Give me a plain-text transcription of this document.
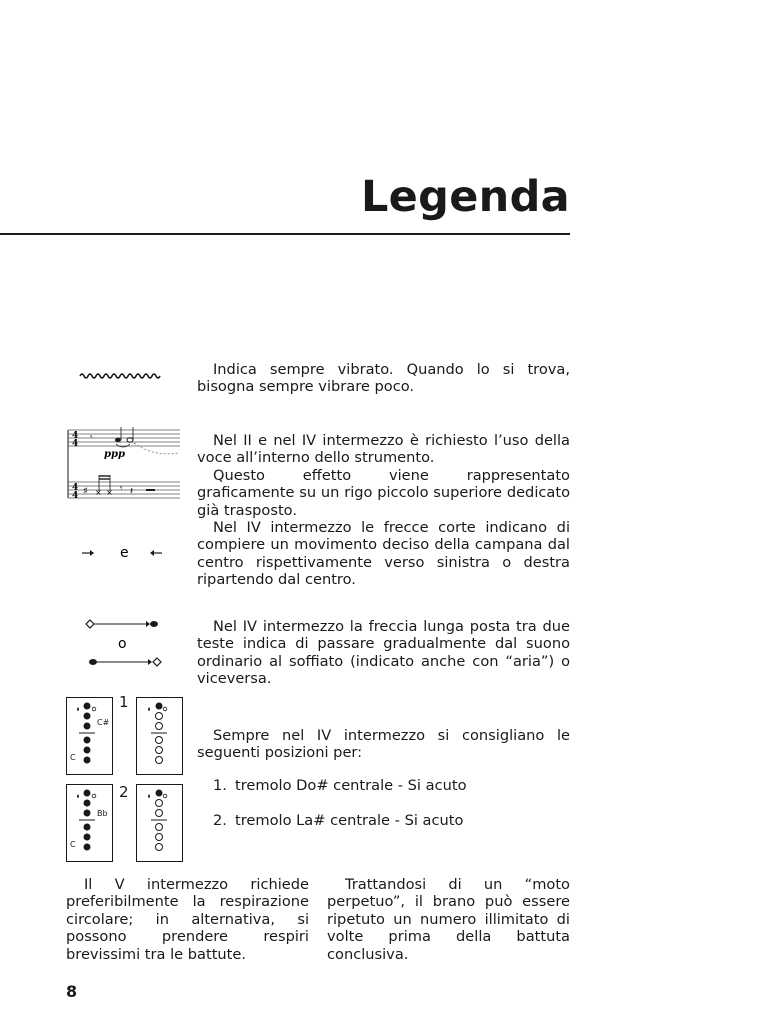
Legenda

Indica sempre vibrato. Quando lo si trova, bisogna sempre vibrare poco.

4
4
4
4
𝄾
ppp
♯ × × 𝄾 𝄽

Nel II e nel IV intermezzo è richiesto l’uso della voce all’interno dello strumento.

Questo effetto viene rappresentato graficamente su un rigo piccolo superiore dedicato già trasposto.

e

Nel IV intermezzo le frecce corte indicano di compiere un movimento deciso della campana dal centro rispettivamente verso sinistra o destra ripartendo dal centro.

o

Nel IV intermezzo la freccia lunga posta tra due teste indica di passare gradualmente dal suono ordinario al soffiato (indicato anche con “aria”) o viceversa.

1
2
C#
C
Bb
C

Sempre nel IV intermezzo si consigliano le seguenti posizioni per:

1. tremolo Do# centrale - Si acuto
2. tremolo La# centrale - Si acuto

Il V intermezzo richiede preferibilmente la respirazione circolare; in alternativa, si possono prendere respiri brevissimi tra le battute.

Trattandosi di un “moto perpetuo”, il brano può essere ripetuto un numero illimitato di volte prima della battuta conclusiva.

8
